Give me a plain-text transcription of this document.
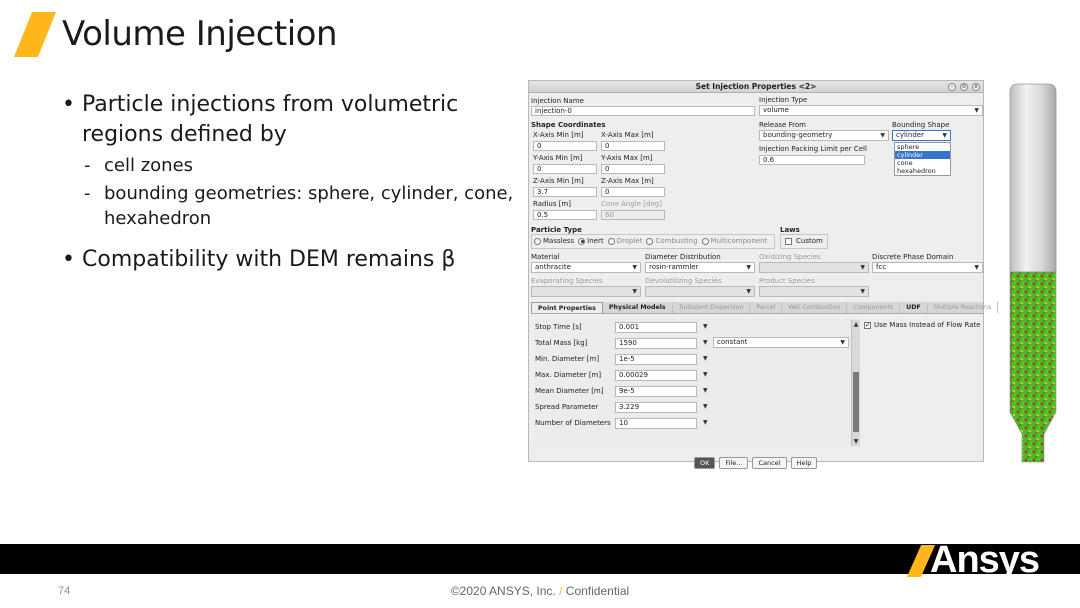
Volume Injection
• Particle injections from volumetric regions defined by
- cell zones
- bounding geometries: sphere, cylinder, cone, hexahedron
• Compatibility with DEM remains β
Set Injection Properties <2>	-	o	x
Injection Name
injection-0
Injection Type
volume	▼
Shape Coordinates
X-Axis Min [m]	X-Axis Max [m]
0	0
Y-Axis Min [m]	Y-Axis Max [m]
0	0
Z-Axis Min [m] Z-Axis Max [m]
3.7	0
Radius [m]	Cone Angle [deg]
0.5	60
Release From
bounding-geometry	▼
Injection Packing Limit per Cell
0.6
Bounding Shape
cylinder	▼
sphere
cylinder
cone
hexahedron
Particle Type
Massless Inert Droplet Combusting Multicomponent
Laws
Custom
Material
anthracite	▼
Diameter Distribution
rosin-rammler	▼
Oxidizing Species
▼
Discrete Phase Domain
fcc	▼
Evaporating Species
▼
Devolatilizing Species
▼
Product Species
▼
Point Properties	Physical Models	Turbulent Dispersion	Parcel	Wet Combustion	Components	UDF	Multiple Reactions
Stop Time [s]	0.001	▼
Total Mass [kg]	1590	▼
Min. Diameter [m]	1e-5	▼
Max. Diameter [m]	0.00029	▼
Mean Diameter [m]	9e-5	▼
Spread Parameter	3.229	▼
Number of Diameters	10	▼
constant	▼
▲
▼
✓
Use Mass Instead of Flow Rate
OK	File...	Cancel	Help
Ansys
74	©2020 ANSYS, Inc. / Confidential
